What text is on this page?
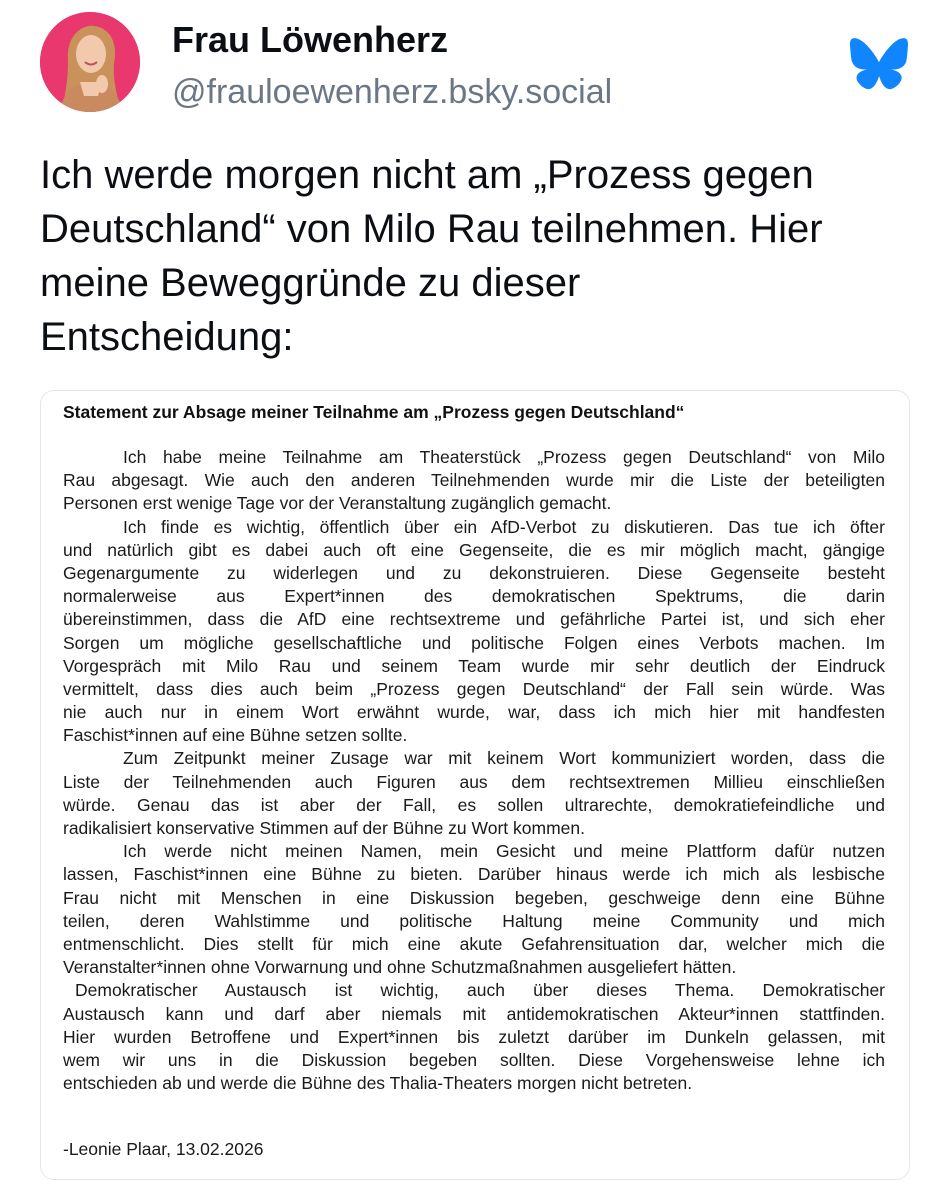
Frau Löwenherz
@frauloewenherz.bsky.social
Ich werde morgen nicht am „Prozess gegen
Deutschland“ von Milo Rau teilnehmen. Hier
meine Beweggründe zu dieser
Entscheidung:
Statement zur Absage meiner Teilnahme am „Prozess gegen Deutschland“
Ich habe meine Teilnahme am Theaterstück „Prozess gegen Deutschland“ von Milo
Rau abgesagt. Wie auch den anderen Teilnehmenden wurde mir die Liste der beteiligten
Personen erst wenige Tage vor der Veranstaltung zugänglich gemacht.
Ich finde es wichtig, öffentlich über ein AfD-Verbot zu diskutieren. Das tue ich öfter
und natürlich gibt es dabei auch oft eine Gegenseite, die es mir möglich macht, gängige
Gegenargumente zu widerlegen und zu dekonstruieren. Diese Gegenseite besteht
normalerweise aus Expert*innen des demokratischen Spektrums, die darin
übereinstimmen, dass die AfD eine rechtsextreme und gefährliche Partei ist, und sich eher
Sorgen um mögliche gesellschaftliche und politische Folgen eines Verbots machen. Im
Vorgespräch mit Milo Rau und seinem Team wurde mir sehr deutlich der Eindruck
vermittelt, dass dies auch beim „Prozess gegen Deutschland“ der Fall sein würde. Was
nie auch nur in einem Wort erwähnt wurde, war, dass ich mich hier mit handfesten
Faschist*innen auf eine Bühne setzen sollte.
Zum Zeitpunkt meiner Zusage war mit keinem Wort kommuniziert worden, dass die
Liste der Teilnehmenden auch Figuren aus dem rechtsextremen Millieu einschließen
würde. Genau das ist aber der Fall, es sollen ultrarechte, demokratiefeindliche und
radikalisiert konservative Stimmen auf der Bühne zu Wort kommen.
Ich werde nicht meinen Namen, mein Gesicht und meine Plattform dafür nutzen
lassen, Faschist*innen eine Bühne zu bieten. Darüber hinaus werde ich mich als lesbische
Frau nicht mit Menschen in eine Diskussion begeben, geschweige denn eine Bühne
teilen, deren Wahlstimme und politische Haltung meine Community und mich
entmenschlicht. Dies stellt für mich eine akute Gefahrensituation dar, welcher mich die
Veranstalter*innen ohne Vorwarnung und ohne Schutzmaßnahmen ausgeliefert hätten.
Demokratischer Austausch ist wichtig, auch über dieses Thema. Demokratischer
Austausch kann und darf aber niemals mit antidemokratischen Akteur*innen stattfinden.
Hier wurden Betroffene und Expert*innen bis zuletzt darüber im Dunkeln gelassen, mit
wem wir uns in die Diskussion begeben sollten. Diese Vorgehensweise lehne ich
entschieden ab und werde die Bühne des Thalia-Theaters morgen nicht betreten.
-Leonie Plaar, 13.02.2026
